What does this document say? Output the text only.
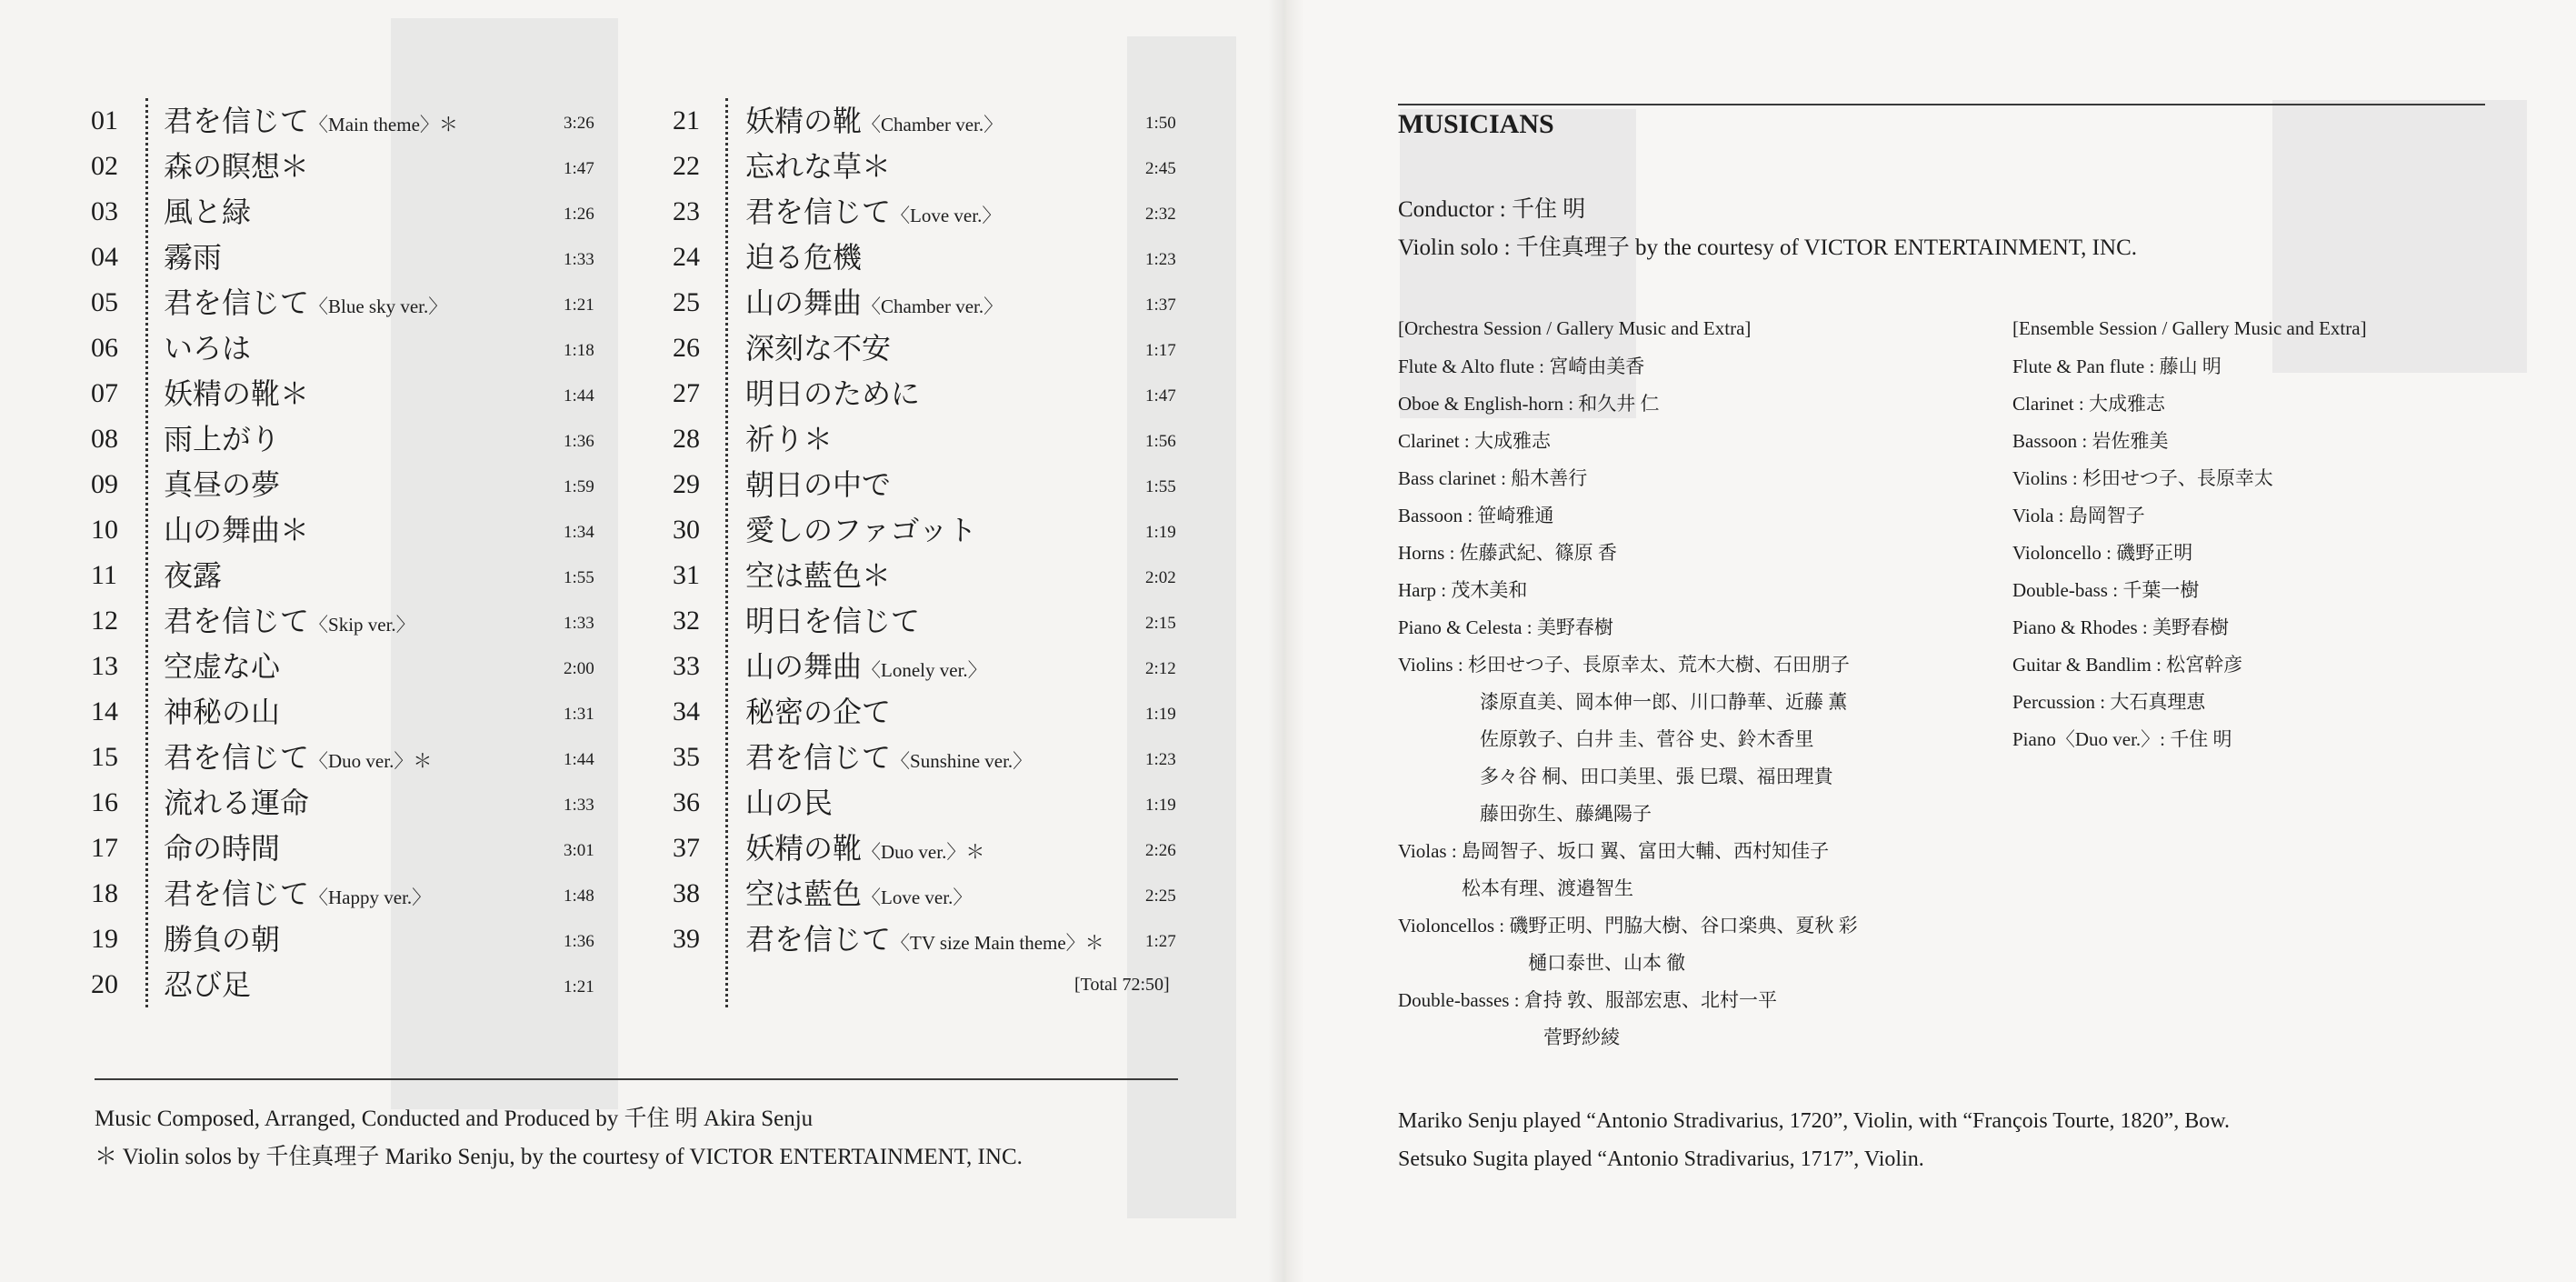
01 君を信じて〈Main theme〉＊	3:26
02 森の瞑想＊	1:47
03 風と緑	1:26
04 霧雨	1:33
05 君を信じて〈Blue sky ver.〉	1:21
06 いろは	1:18
07 妖精の靴＊	1:44
08 雨上がり	1:36
09 真昼の夢	1:59
10 山の舞曲＊	1:34
11 夜露	1:55
12 君を信じて〈Skip ver.〉	1:33
13 空虚な心	2:00
14 神秘の山	1:31
15 君を信じて〈Duo ver.〉＊	1:44
16 流れる運命	1:33
17 命の時間	3:01
18 君を信じて〈Happy ver.〉	1:48
19 勝負の朝	1:36
20 忍び足	1:21
21 妖精の靴〈Chamber ver.〉	1:50
22 忘れな草＊	2:45
23 君を信じて〈Love ver.〉	2:32
24 迫る危機	1:23
25 山の舞曲〈Chamber ver.〉	1:37
26 深刻な不安	1:17
27 明日のために	1:47
28 祈り＊	1:56
29 朝日の中で	1:55
30 愛しのファゴット	1:19
31 空は藍色＊	2:02
32 明日を信じて	2:15
33 山の舞曲〈Lonely ver.〉	2:12
34 秘密の企て	1:19
35 君を信じて〈Sunshine ver.〉	1:23
36 山の民	1:19
37 妖精の靴〈Duo ver.〉＊	2:26
38 空は藍色〈Love ver.〉	2:25
39 君を信じて〈TV size Main theme〉＊ 1:27
[Total 72:50]
Music Composed, Arranged, Conducted and Produced by 千住 明 Akira Senju
＊ Violin solos by 千住真理子 Mariko Senju, by the courtesy of VICTOR ENTERTAINMENT, INC.
MUSICIANS
Conductor : 千住 明
Violin solo : 千住真理子 by the courtesy of VICTOR ENTERTAINMENT, INC.
[Orchestra Session / Gallery Music and Extra]
Flute & Alto flute : 宮崎由美香
Oboe & English-horn : 和久井 仁
Clarinet : 大成雅志
Bass clarinet : 船木善行
Bassoon : 笹崎雅通
Horns : 佐藤武紀、篠原 香
Harp : 茂木美和
Piano & Celesta : 美野春樹
Violins : 杉田せつ子、長原幸太、荒木大樹、石田朋子
漆原直美、岡本伸一郎、川口静華、近藤 薫
佐原敦子、白井 圭、菅谷 史、鈴木香里
多々谷 桐、田口美里、張 巳環、福田理貴
藤田弥生、藤縄陽子
Violas : 島岡智子、坂口 翼、富田大輔、西村知佳子
松本有理、渡邉智生
Violoncellos : 磯野正明、門脇大樹、谷口楽典、夏秋 彩
樋口泰世、山本 徹
Double-basses : 倉持 敦、服部宏恵、北村一平
菅野紗綾
[Ensemble Session / Gallery Music and Extra]
Flute & Pan flute : 藤山 明
Clarinet : 大成雅志
Bassoon : 岩佐雅美
Violins : 杉田せつ子、長原幸太
Viola : 島岡智子
Violoncello : 磯野正明
Double-bass : 千葉一樹
Piano & Rhodes : 美野春樹
Guitar & Bandlim : 松宮幹彦
Percussion : 大石真理恵
Piano〈Duo ver.〉: 千住 明
Mariko Senju played “Antonio Stradivarius, 1720”, Violin, with “François Tourte, 1820”, Bow.
Setsuko Sugita played “Antonio Stradivarius, 1717”, Violin.
